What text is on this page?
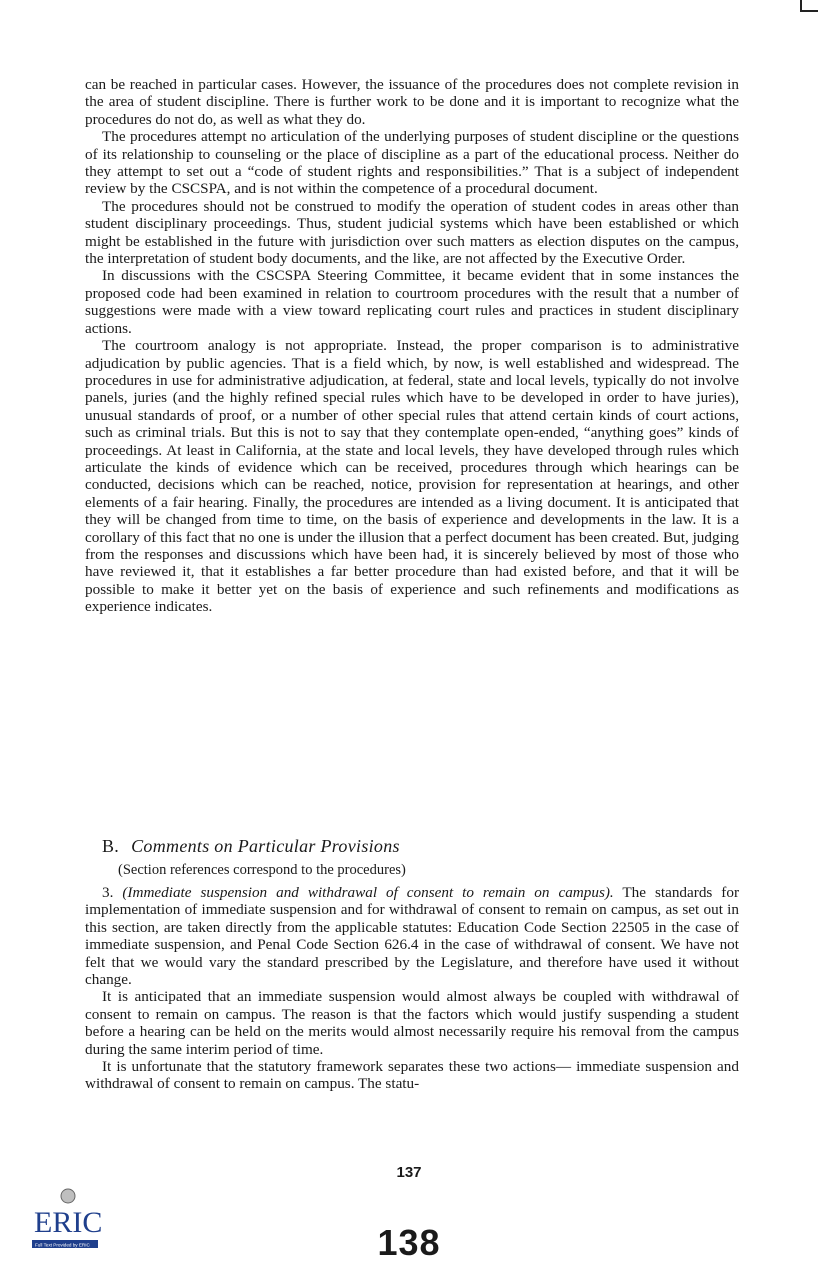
can be reached in particular cases. However, the issuance of the procedures does not complete revision in the area of student discipline. There is further work to be done and it is important to recognize what the procedures do not do, as well as what they do.

The procedures attempt no articulation of the underlying purposes of student discipline or the questions of its relationship to counseling or the place of discipline as a part of the educational process. Neither do they attempt to set out a “code of student rights and responsibilities.” That is a subject of independent review by the CSCSPA, and is not within the competence of a procedural document.

The procedures should not be construed to modify the operation of student codes in areas other than student disciplinary proceedings. Thus, student judicial systems which have been established or which might be established in the future with jurisdiction over such matters as election disputes on the campus, the interpretation of student body documents, and the like, are not affected by the Executive Order.

In discussions with the CSCSPA Steering Committee, it became evident that in some instances the proposed code had been examined in relation to courtroom procedures with the result that a number of suggestions were made with a view toward replicating court rules and practices in student disciplinary actions.

The courtroom analogy is not appropriate. Instead, the proper comparison is to administrative adjudication by public agencies. That is a field which, by now, is well established and widespread. The procedures in use for administrative adjudication, at federal, state and local levels, typically do not involve panels, juries (and the highly refined special rules which have to be developed in order to have juries), unusual standards of proof, or a number of other special rules that attend certain kinds of court actions, such as criminal trials. But this is not to say that they contemplate open-ended, “anything goes” kinds of proceedings. At least in California, at the state and local levels, they have developed through rules which articulate the kinds of evidence which can be received, procedures through which hearings can be conducted, decisions which can be reached, notice, provision for representation at hearings, and other elements of a fair hearing. Finally, the procedures are intended as a living document. It is anticipated that they will be changed from time to time, on the basis of experience and developments in the law. It is a corollary of this fact that no one is under the illusion that a perfect document has been created. But, judging from the responses and discussions which have been had, it is sincerely believed by most of those who have reviewed it, that it establishes a far better procedure than had existed before, and that it will be possible to make it better yet on the basis of experience and such refinements and modifications as experience indicates.

B. Comments on Particular Provisions
(Section references correspond to the procedures)

3. (Immediate suspension and withdrawal of consent to remain on campus). The standards for implementation of immediate suspension and for withdrawal of consent to remain on campus, as set out in this section, are taken directly from the applicable statutes: Education Code Section 22505 in the case of immediate suspension, and Penal Code Section 626.4 in the case of withdrawal of consent. We have not felt that we would vary the standard prescribed by the Legislature, and therefore have used it without change.

It is anticipated that an immediate suspension would almost always be coupled with withdrawal of consent to remain on campus. The reason is that the factors which would justify suspending a student before a hearing can be held on the merits would almost necessarily require his removal from the campus during the same interim period of time.

It is unfortunate that the statutory framework separates these two actions— immediate suspension and withdrawal of consent to remain on campus. The statu-

137
138
ERIC
Full Text Provided by ERIC
